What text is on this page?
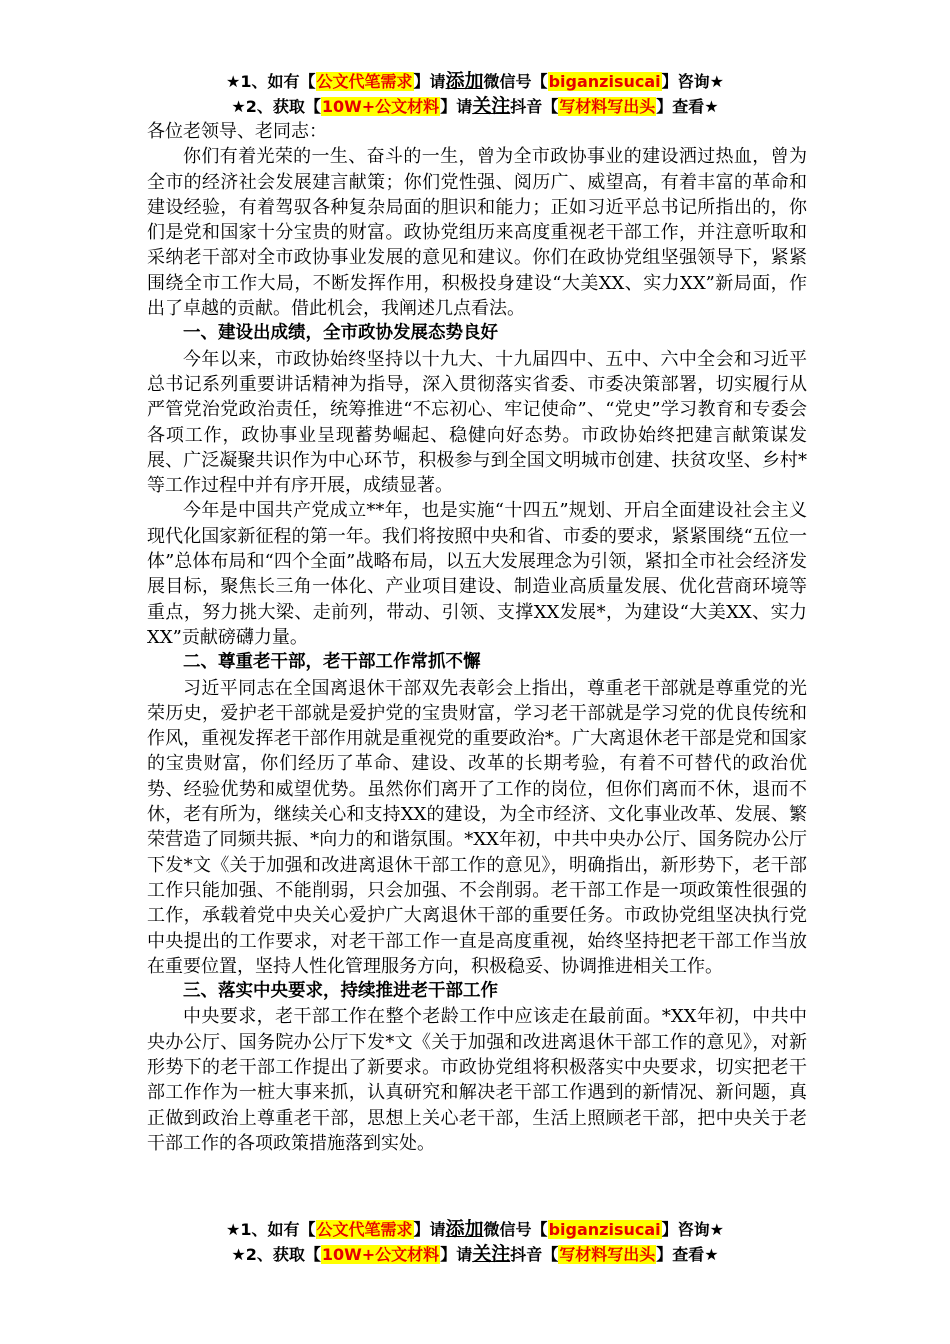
★1、如有【公文代笔需求】请添加微信号【biganzisucai】咨询★
★2、获取【10W+公文材料】请关注抖音【写材料写出头】查看★

各位老领导、老同志：

你们有着光荣的一生、奋斗的一生，曾为全市政协事业的建设洒过热血，曾为全市的经济社会发展建言献策；你们党性强、阅历广、威望高，有着丰富的革命和建设经验，有着驾驭各种复杂局面的胆识和能力；正如习近平总书记所指出的，你们是党和国家十分宝贵的财富。政协党组历来高度重视老干部工作，并注意听取和采纳老干部对全市政协事业发展的意见和建议。你们在政协党组坚强领导下，紧紧围绕全市工作大局，不断发挥作用，积极投身建设“大美XX、实力XX”新局面，作出了卓越的贡献。借此机会，我阐述几点看法。

一、建设出成绩，全市政协发展态势良好

今年以来，市政协始终坚持以十九大、十九届四中、五中、六中全会和习近平总书记系列重要讲话精神为指导，深入贯彻落实省委、市委决策部署，切实履行从严管党治党政治责任，统筹推进“不忘初心、牢记使命”、“党史”学习教育和专委会各项工作，政协事业呈现蓄势崛起、稳健向好态势。市政协始终把建言献策谋发展、广泛凝聚共识作为中心环节，积极参与到全国文明城市创建、扶贫攻坚、乡村*等工作过程中并有序开展，成绩显著。

今年是中国共产党成立**年，也是实施“十四五”规划、开启全面建设社会主义现代化国家新征程的第一年。我们将按照中央和省、市委的要求，紧紧围绕“五位一体”总体布局和“四个全面”战略布局，以五大发展理念为引领，紧扣全市社会经济发展目标，聚焦长三角一体化、产业项目建设、制造业高质量发展、优化营商环境等重点，努力挑大梁、走前列，带动、引领、支撑XX发展*，为建设“大美XX、实力XX”贡献磅礴力量。

二、尊重老干部，老干部工作常抓不懈

习近平同志在全国离退休干部双先表彰会上指出，尊重老干部就是尊重党的光荣历史，爱护老干部就是爱护党的宝贵财富，学习老干部就是学习党的优良传统和作风，重视发挥老干部作用就是重视党的重要政治*。广大离退休老干部是党和国家的宝贵财富，你们经历了革命、建设、改革的长期考验，有着不可替代的政治优势、经验优势和威望优势。虽然你们离开了工作的岗位，但你们离而不休，退而不休，老有所为，继续关心和支持XX的建设，为全市经济、文化事业改革、发展、繁荣营造了同频共振、*向力的和谐氛围。*XX年初，中共中央办公厅、国务院办公厅下发*文《关于加强和改进离退休干部工作的意见》，明确指出，新形势下，老干部工作只能加强、不能削弱，只会加强、不会削弱。老干部工作是一项政策性很强的工作，承载着党中央关心爱护广大离退休干部的重要任务。市政协党组坚决执行党中央提出的工作要求，对老干部工作一直是高度重视，始终坚持把老干部工作当放在重要位置，坚持人性化管理服务方向，积极稳妥、协调推进相关工作。

三、落实中央要求，持续推进老干部工作

中央要求，老干部工作在整个老龄工作中应该走在最前面。*XX年初，中共中央办公厅、国务院办公厅下发*文《关于加强和改进离退休干部工作的意见》，对新形势下的老干部工作提出了新要求。市政协党组将积极落实中央要求，切实把老干部工作作为一桩大事来抓，认真研究和解决老干部工作遇到的新情况、新问题，真正做到政治上尊重老干部，思想上关心老干部，生活上照顾老干部，把中央关于老干部工作的各项政策措施落到实处。

★1、如有【公文代笔需求】请添加微信号【biganzisucai】咨询★
★2、获取【10W+公文材料】请关注抖音【写材料写出头】查看★
